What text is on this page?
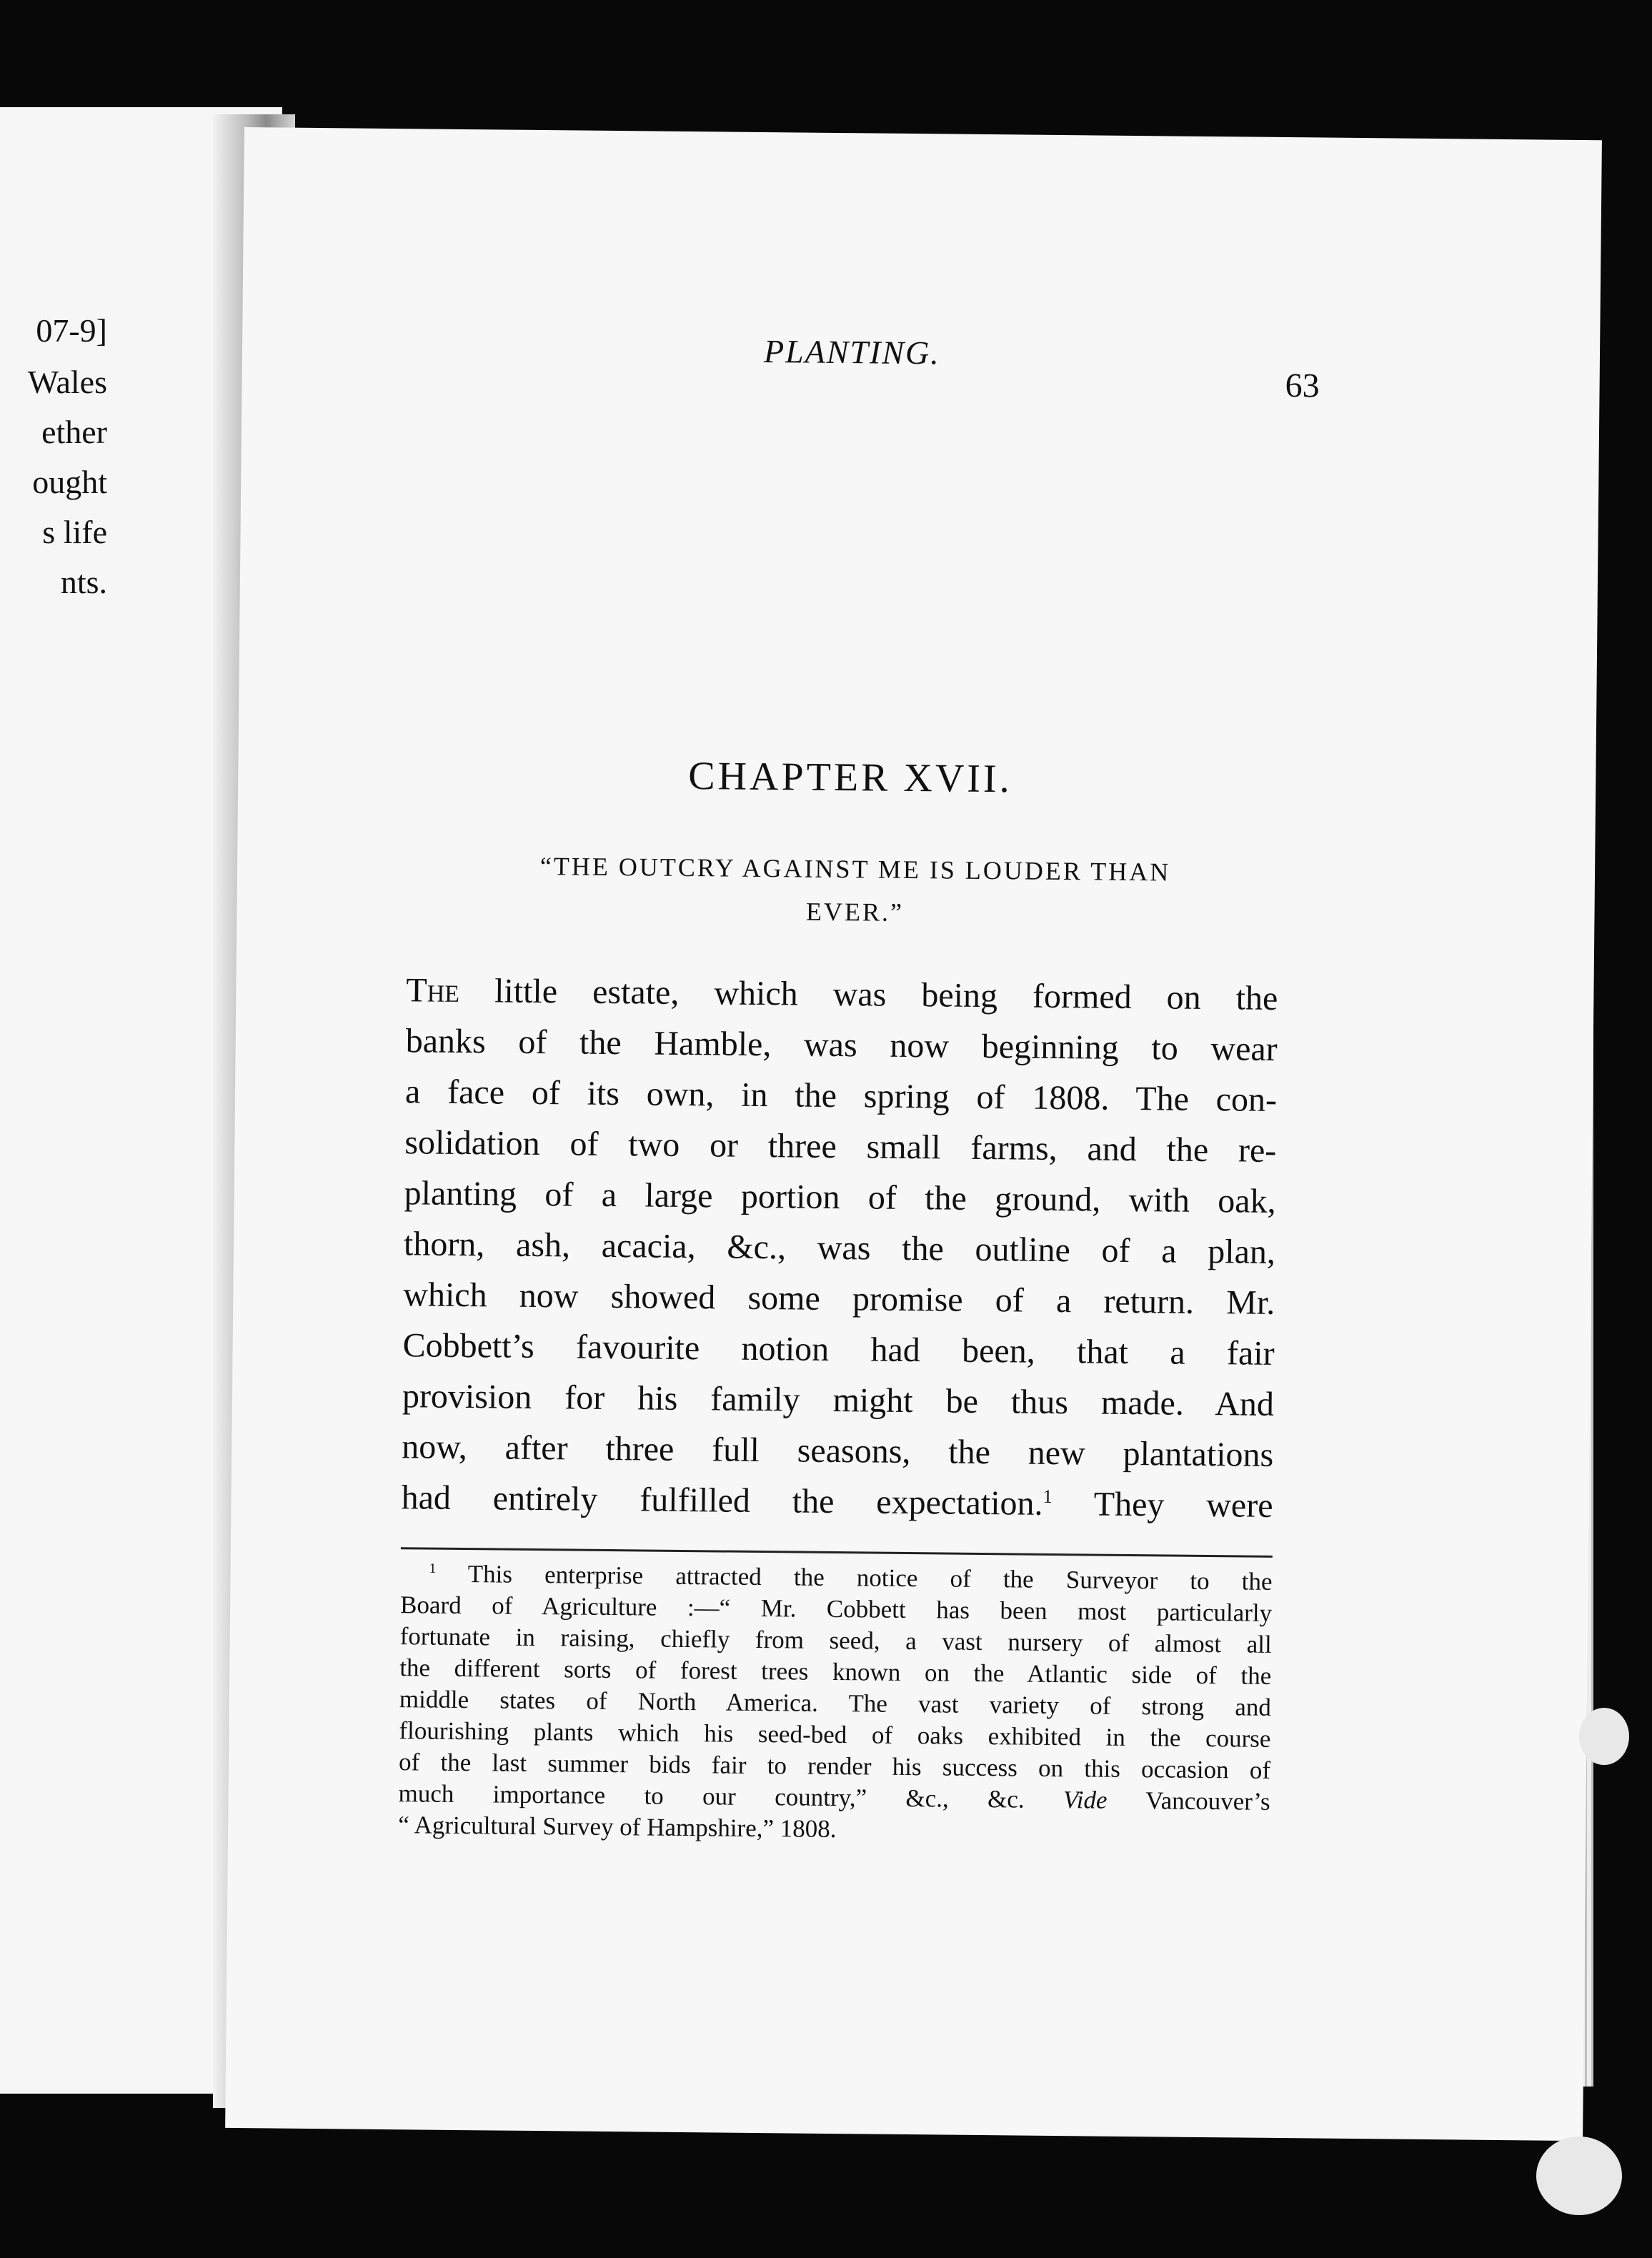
07-9]
Wales
ether
ought
s life
nts.
PLANTING.
63
CHAPTER XVII.
“THE OUTCRY AGAINST ME IS LOUDER THAN
EVER.”
The little estate, which was being formed on the
banks of the Hamble, was now beginning to wear
a face of its own, in the spring of 1808. The con-
solidation of two or three small farms, and the re-
planting of a large portion of the ground, with oak,
thorn, ash, acacia, &c., was the outline of a plan,
which now showed some promise of a return. Mr.
Cobbett’s favourite notion had been, that a fair
provision for his family might be thus made. And
now, after three full seasons, the new plantations
had entirely fulfilled the expectation.$^1$ They were
$^1$ This enterprise attracted the notice of the Surveyor to the
Board of Agriculture :—“ Mr. Cobbett has been most particularly
fortunate in raising, chiefly from seed, a vast nursery of almost all
the different sorts of forest trees known on the Atlantic side of the
middle states of North America. The vast variety of strong and
flourishing plants which his seed-bed of oaks exhibited in the course
of the last summer bids fair to render his success on this occasion of
much importance to our country,” &c., &c. Vide Vancouver’s
“ Agricultural Survey of Hampshire,” 1808.
